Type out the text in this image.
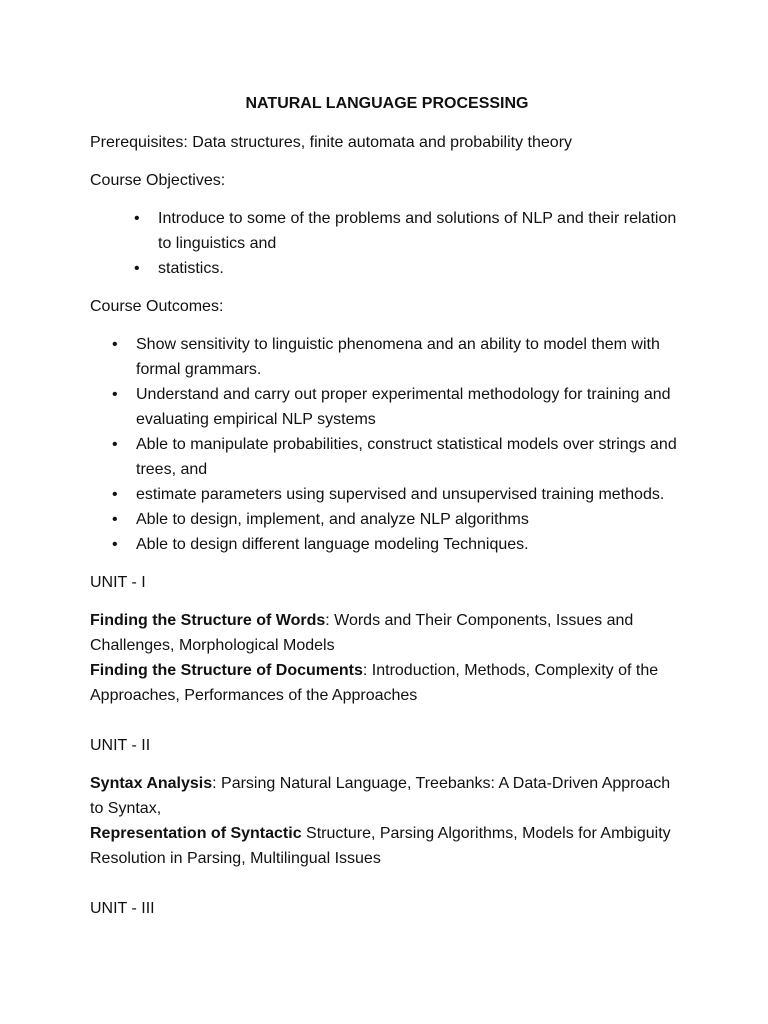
NATURAL LANGUAGE PROCESSING

Prerequisites: Data structures, finite automata and probability theory

Course Objectives:

• Introduce to some of the problems and solutions of NLP and their relation to linguistics and
• statistics.

Course Outcomes:

• Show sensitivity to linguistic phenomena and an ability to model them with formal grammars.
• Understand and carry out proper experimental methodology for training and evaluating empirical NLP systems
• Able to manipulate probabilities, construct statistical models over strings and trees, and
• estimate parameters using supervised and unsupervised training methods.
• Able to design, implement, and analyze NLP algorithms
• Able to design different language modeling Techniques.

UNIT - I

Finding the Structure of Words: Words and Their Components, Issues and Challenges, Morphological Models

Finding the Structure of Documents: Introduction, Methods, Complexity of the Approaches, Performances of the Approaches

UNIT - II

Syntax Analysis: Parsing Natural Language, Treebanks: A Data-Driven Approach to Syntax,

Representation of Syntactic Structure, Parsing Algorithms, Models for Ambiguity Resolution in Parsing, Multilingual Issues

UNIT - III
